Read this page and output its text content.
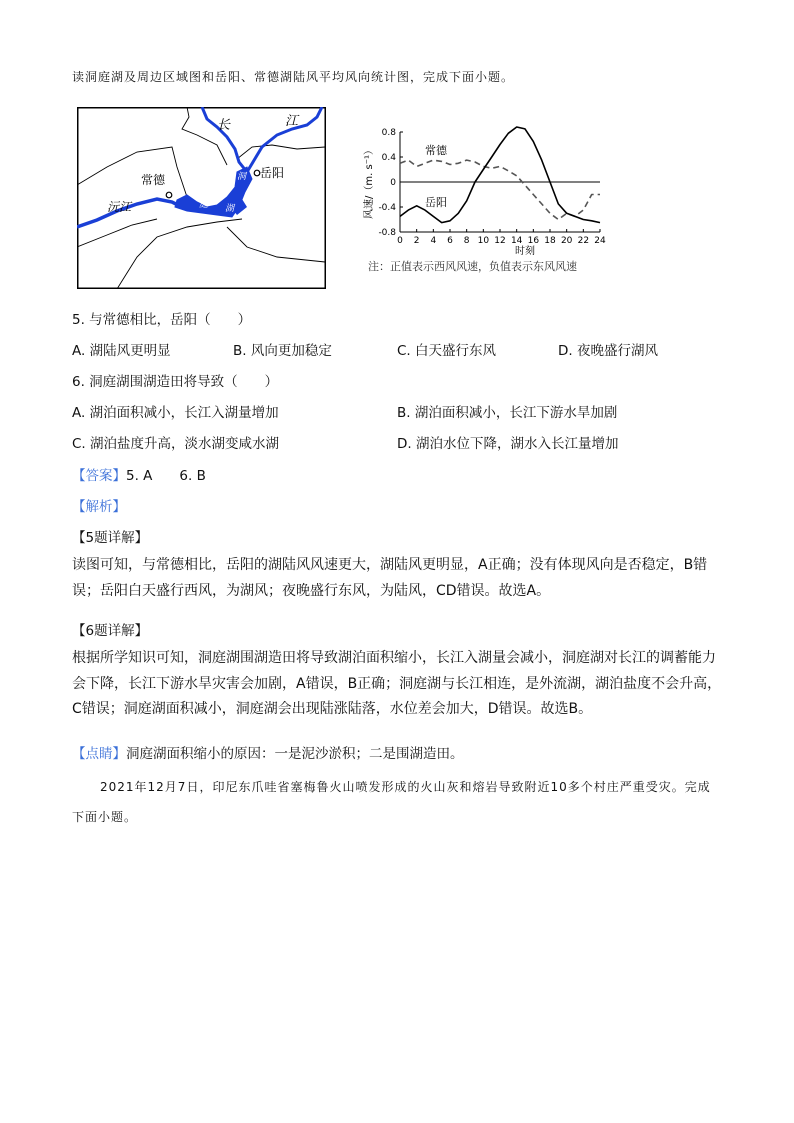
读洞庭湖及周边区域图和岳阳、常德湖陆风平均风向统计图，完成下面小题。
长	江
常德
沅江
岳阳
洞
庭 湖
0.8
0.4
0
-0.4
-0.8
0 2 4 6 8 10 12 14 16 18 20 22 24
时刻
风速/（m. s⁻¹）	常德
岳阳
注：正值表示西风风速，负值表示东风风速
5. 与常德相比，岳阳（　　）
A. 湖陆风更明显	B. 风向更加稳定	C. 白天盛行东风	D. 夜晚盛行湖风
6. 洞庭湖围湖造田将导致（　　）
A. 湖泊面积减小，长江入湖量增加	B. 湖泊面积减小，长江下游水旱加剧
C. 湖泊盐度升高，淡水湖变咸水湖	D. 湖泊水位下降，湖水入长江量增加
【答案】5. A　　6. B
【解析】
【5题详解】
读图可知，与常德相比，岳阳的湖陆风风速更大，湖陆风更明显，A正确；没有体现风向是否稳定，B错误；岳阳白天盛行西风，为湖风；夜晚盛行东风，为陆风，CD错误。故选A。
【6题详解】
根据所学知识可知，洞庭湖围湖造田将导致湖泊面积缩小，长江入湖量会减小，洞庭湖对长江的调蓄能力会下降，长江下游水旱灾害会加剧，A错误，B正确；洞庭湖与长江相连，是外流湖，湖泊盐度不会升高，C错误；洞庭湖面积减小，洞庭湖会出现陆涨陆落，水位差会加大，D错误。故选B。
【点睛】洞庭湖面积缩小的原因：一是泥沙淤积；二是围湖造田。
2021年12月7日，印尼东爪哇省塞梅鲁火山喷发形成的火山灰和熔岩导致附近10多个村庄严重受灾。完成下面小题。
